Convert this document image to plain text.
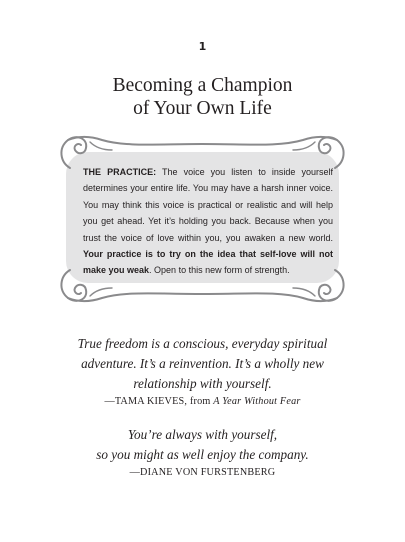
1
Becoming a Champion
of Your Own Life
THE PRACTICE: The voice you listen to inside yourself determines your entire life. You may have a harsh inner voice. You may think this voice is practical or realistic and will help you get ahead. Yet it’s holding you back. Because when you trust the voice of love within you, you awaken a new world. Your practice is to try on the idea that self-love will not make you weak. Open to this new form of strength.
True freedom is a conscious, everyday spiritual
adventure. It’s a reinvention. It’s a wholly new
relationship with yourself.
—TAMA KIEVES, from A Year Without Fear
You’re always with yourself,
so you might as well enjoy the company.
—DIANE VON FURSTENBERG
